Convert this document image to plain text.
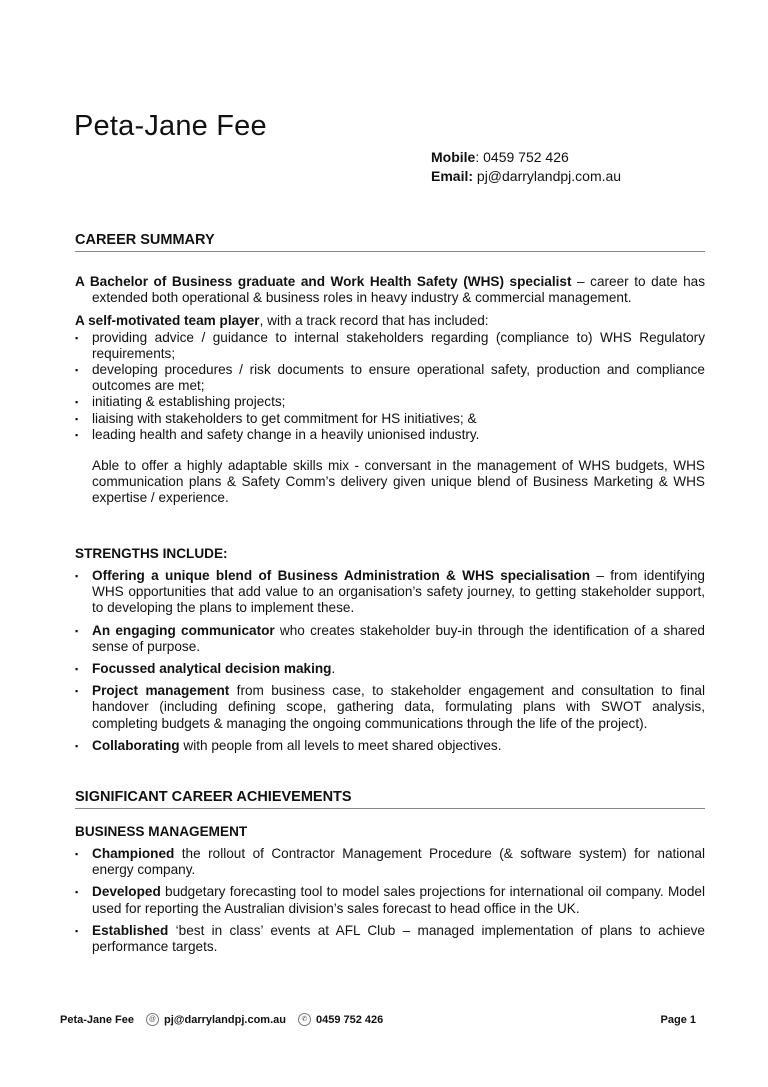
Peta-Jane Fee
Mobile: 0459 752 426
Email: pj@darrylandpj.com.au
CAREER SUMMARY
A Bachelor of Business graduate and Work Health Safety (WHS) specialist – career to date has extended both operational & business roles in heavy industry & commercial management.
A self-motivated team player, with a track record that has included:
▪ providing advice / guidance to internal stakeholders regarding (compliance to) WHS Regulatory requirements;
▪ developing procedures / risk documents to ensure operational safety, production and compliance outcomes are met;
▪ initiating & establishing projects;
▪ liaising with stakeholders to get commitment for HS initiatives; &
▪ leading health and safety change in a heavily unionised industry.
Able to offer a highly adaptable skills mix - conversant in the management of WHS budgets, WHS communication plans & Safety Comm’s delivery given unique blend of Business Marketing & WHS expertise / experience.
STRENGTHS INCLUDE:
▪ Offering a unique blend of Business Administration & WHS specialisation – from identifying WHS opportunities that add value to an organisation’s safety journey, to getting stakeholder support, to developing the plans to implement these.
▪ An engaging communicator who creates stakeholder buy-in through the identification of a shared sense of purpose.
▪ Focussed analytical decision making.
▪ Project management from business case, to stakeholder engagement and consultation to final handover (including defining scope, gathering data, formulating plans with SWOT analysis, completing budgets & managing the ongoing communications through the life of the project).
▪ Collaborating with people from all levels to meet shared objectives.
SIGNIFICANT CAREER ACHIEVEMENTS
BUSINESS MANAGEMENT
▪ Championed the rollout of Contractor Management Procedure (& software system) for national energy company.
▪ Developed budgetary forecasting tool to model sales projections for international oil company. Model used for reporting the Australian division’s sales forecast to head office in the UK.
▪ Established ‘best in class’ events at AFL Club – managed implementation of plans to achieve performance targets.
Peta-Jane Fee	@ pj@darrylandpj.com.au	✆ 0459 752 426	Page 1
